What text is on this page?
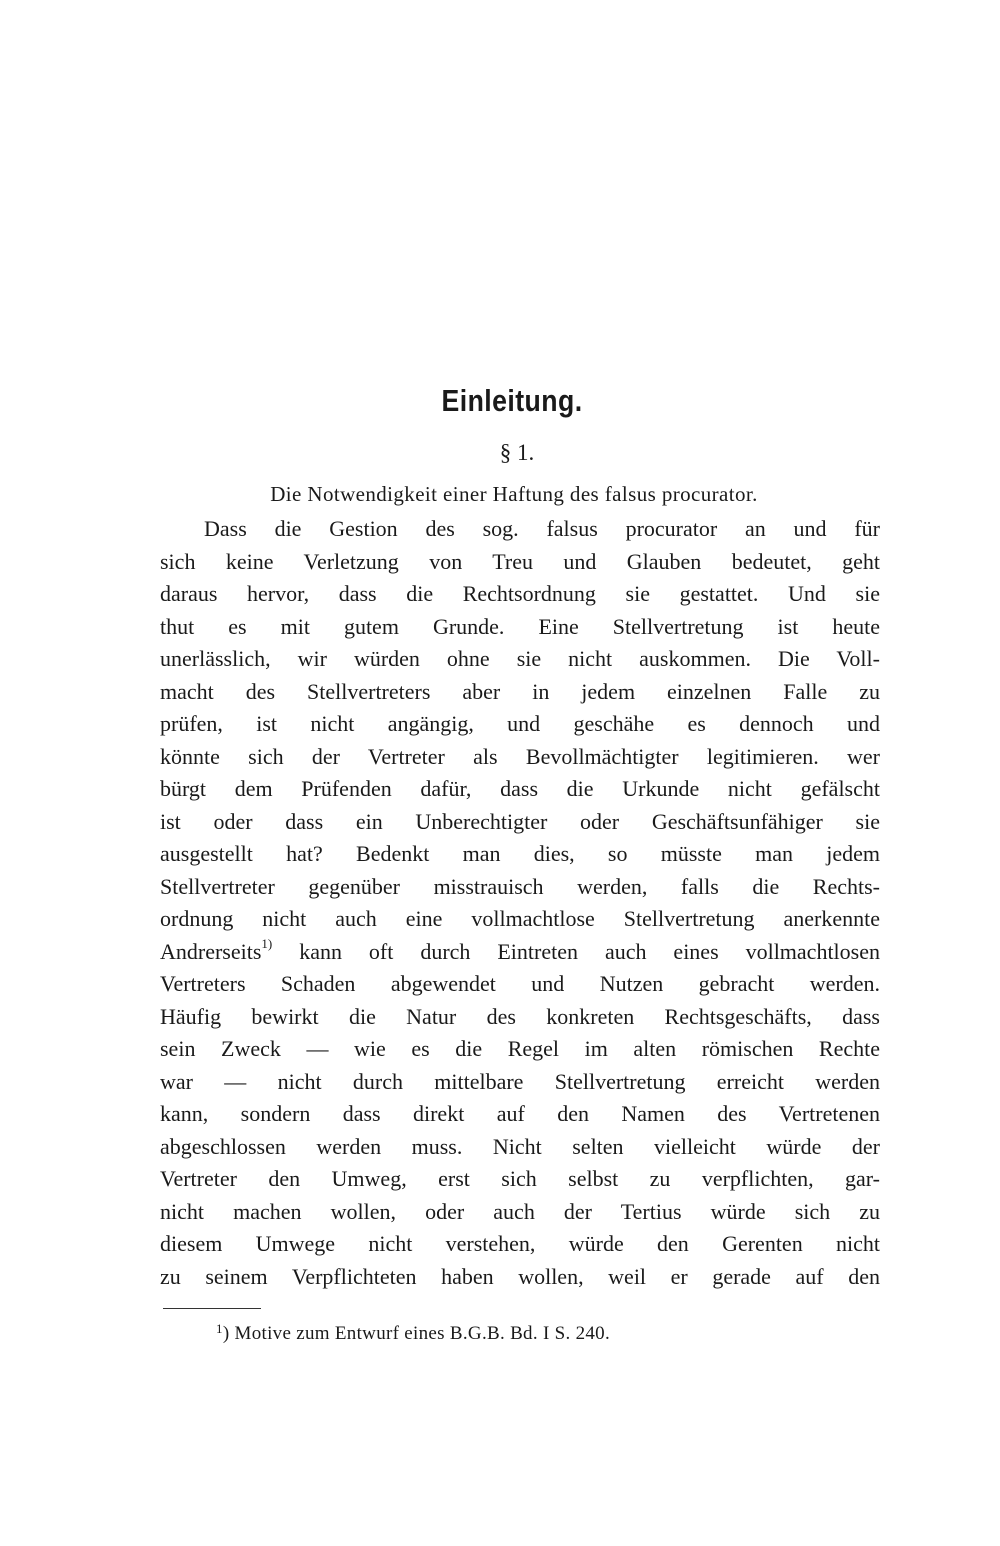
Einleitung.
§ 1.
Die Notwendigkeit einer Haftung des falsus procurator.
Dass die Gestion des sog. falsus procurator an und für
sich keine Verletzung von Treu und Glauben bedeutet, geht
daraus hervor, dass die Rechtsordnung sie gestattet. Und sie
thut es mit gutem Grunde. Eine Stellvertretung ist heute
unerlässlich, wir würden ohne sie nicht auskommen. Die Voll-
macht des Stellvertreters aber in jedem einzelnen Falle zu
prüfen, ist nicht angängig, und geschähe es dennoch und
könnte sich der Vertreter als Bevollmächtigter legitimieren. wer
bürgt dem Prüfenden dafür, dass die Urkunde nicht gefälscht
ist oder dass ein Unberechtigter oder Geschäftsunfähiger sie
ausgestellt hat? Bedenkt man dies, so müsste man jedem
Stellvertreter gegenüber misstrauisch werden, falls die Rechts-
ordnung nicht auch eine vollmachtlose Stellvertretung anerkennte
Andrerseits$^{1)}$ kann oft durch Eintreten auch eines vollmachtlosen
Vertreters Schaden abgewendet und Nutzen gebracht werden.
Häufig bewirkt die Natur des konkreten Rechtsgeschäfts, dass
sein Zweck — wie es die Regel im alten römischen Rechte
war — nicht durch mittelbare Stellvertretung erreicht werden
kann, sondern dass direkt auf den Namen des Vertretenen
abgeschlossen werden muss. Nicht selten vielleicht würde der
Vertreter den Umweg, erst sich selbst zu verpflichten, gar-
nicht machen wollen, oder auch der Tertius würde sich zu
diesem Umwege nicht verstehen, würde den Gerenten nicht
zu seinem Verpflichteten haben wollen, weil er gerade auf den
$^1$) Motive zum Entwurf eines B.G.B. Bd. I S. 240.
